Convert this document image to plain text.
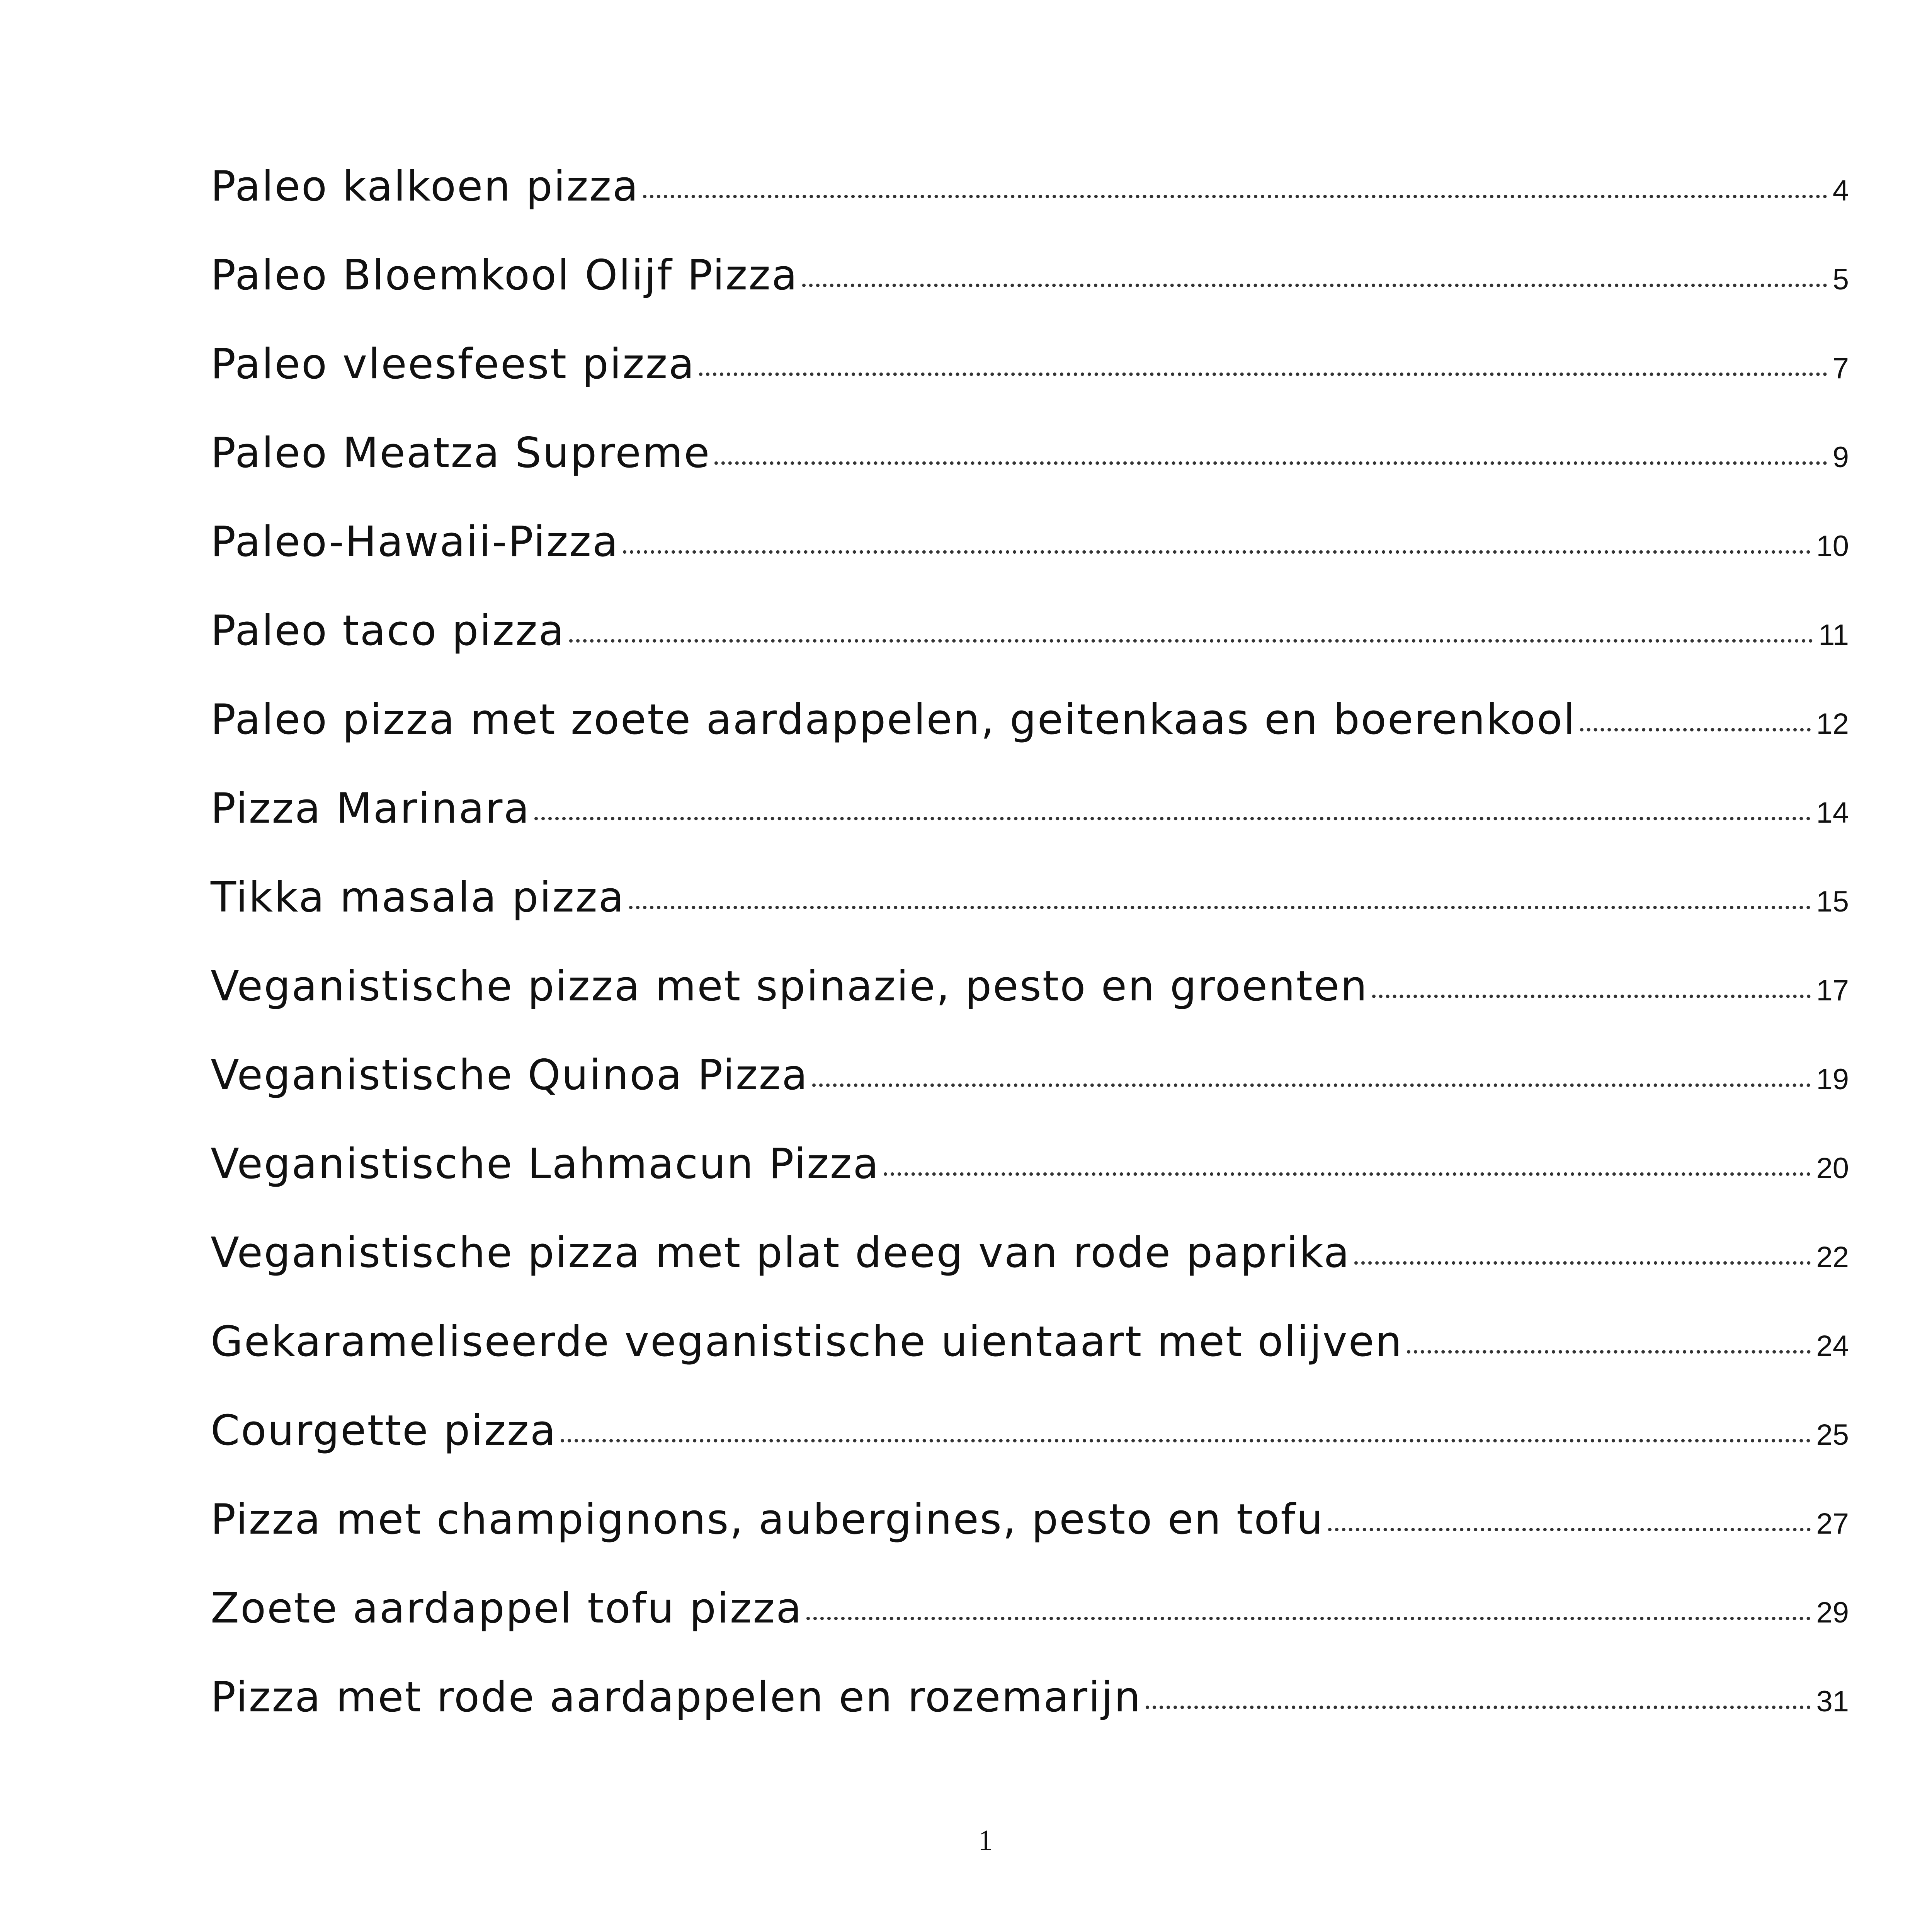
Paleo kalkoen pizza	4
Paleo Bloemkool Olijf Pizza	5
Paleo vleesfeest pizza	7
Paleo Meatza Supreme	9
Paleo-Hawaii-Pizza	10
Paleo taco pizza	11
Paleo pizza met zoete aardappelen, geitenkaas en boerenkool	12
Pizza Marinara	14
Tikka masala pizza	15
Veganistische pizza met spinazie, pesto en groenten	17
Veganistische Quinoa Pizza	19
Veganistische Lahmacun Pizza	20
Veganistische pizza met plat deeg van rode paprika	22
Gekarameliseerde veganistische uientaart met olijven	24
Courgette pizza	25
Pizza met champignons, aubergines, pesto en tofu	27
Zoete aardappel tofu pizza	29
Pizza met rode aardappelen en rozemarijn	31
1
